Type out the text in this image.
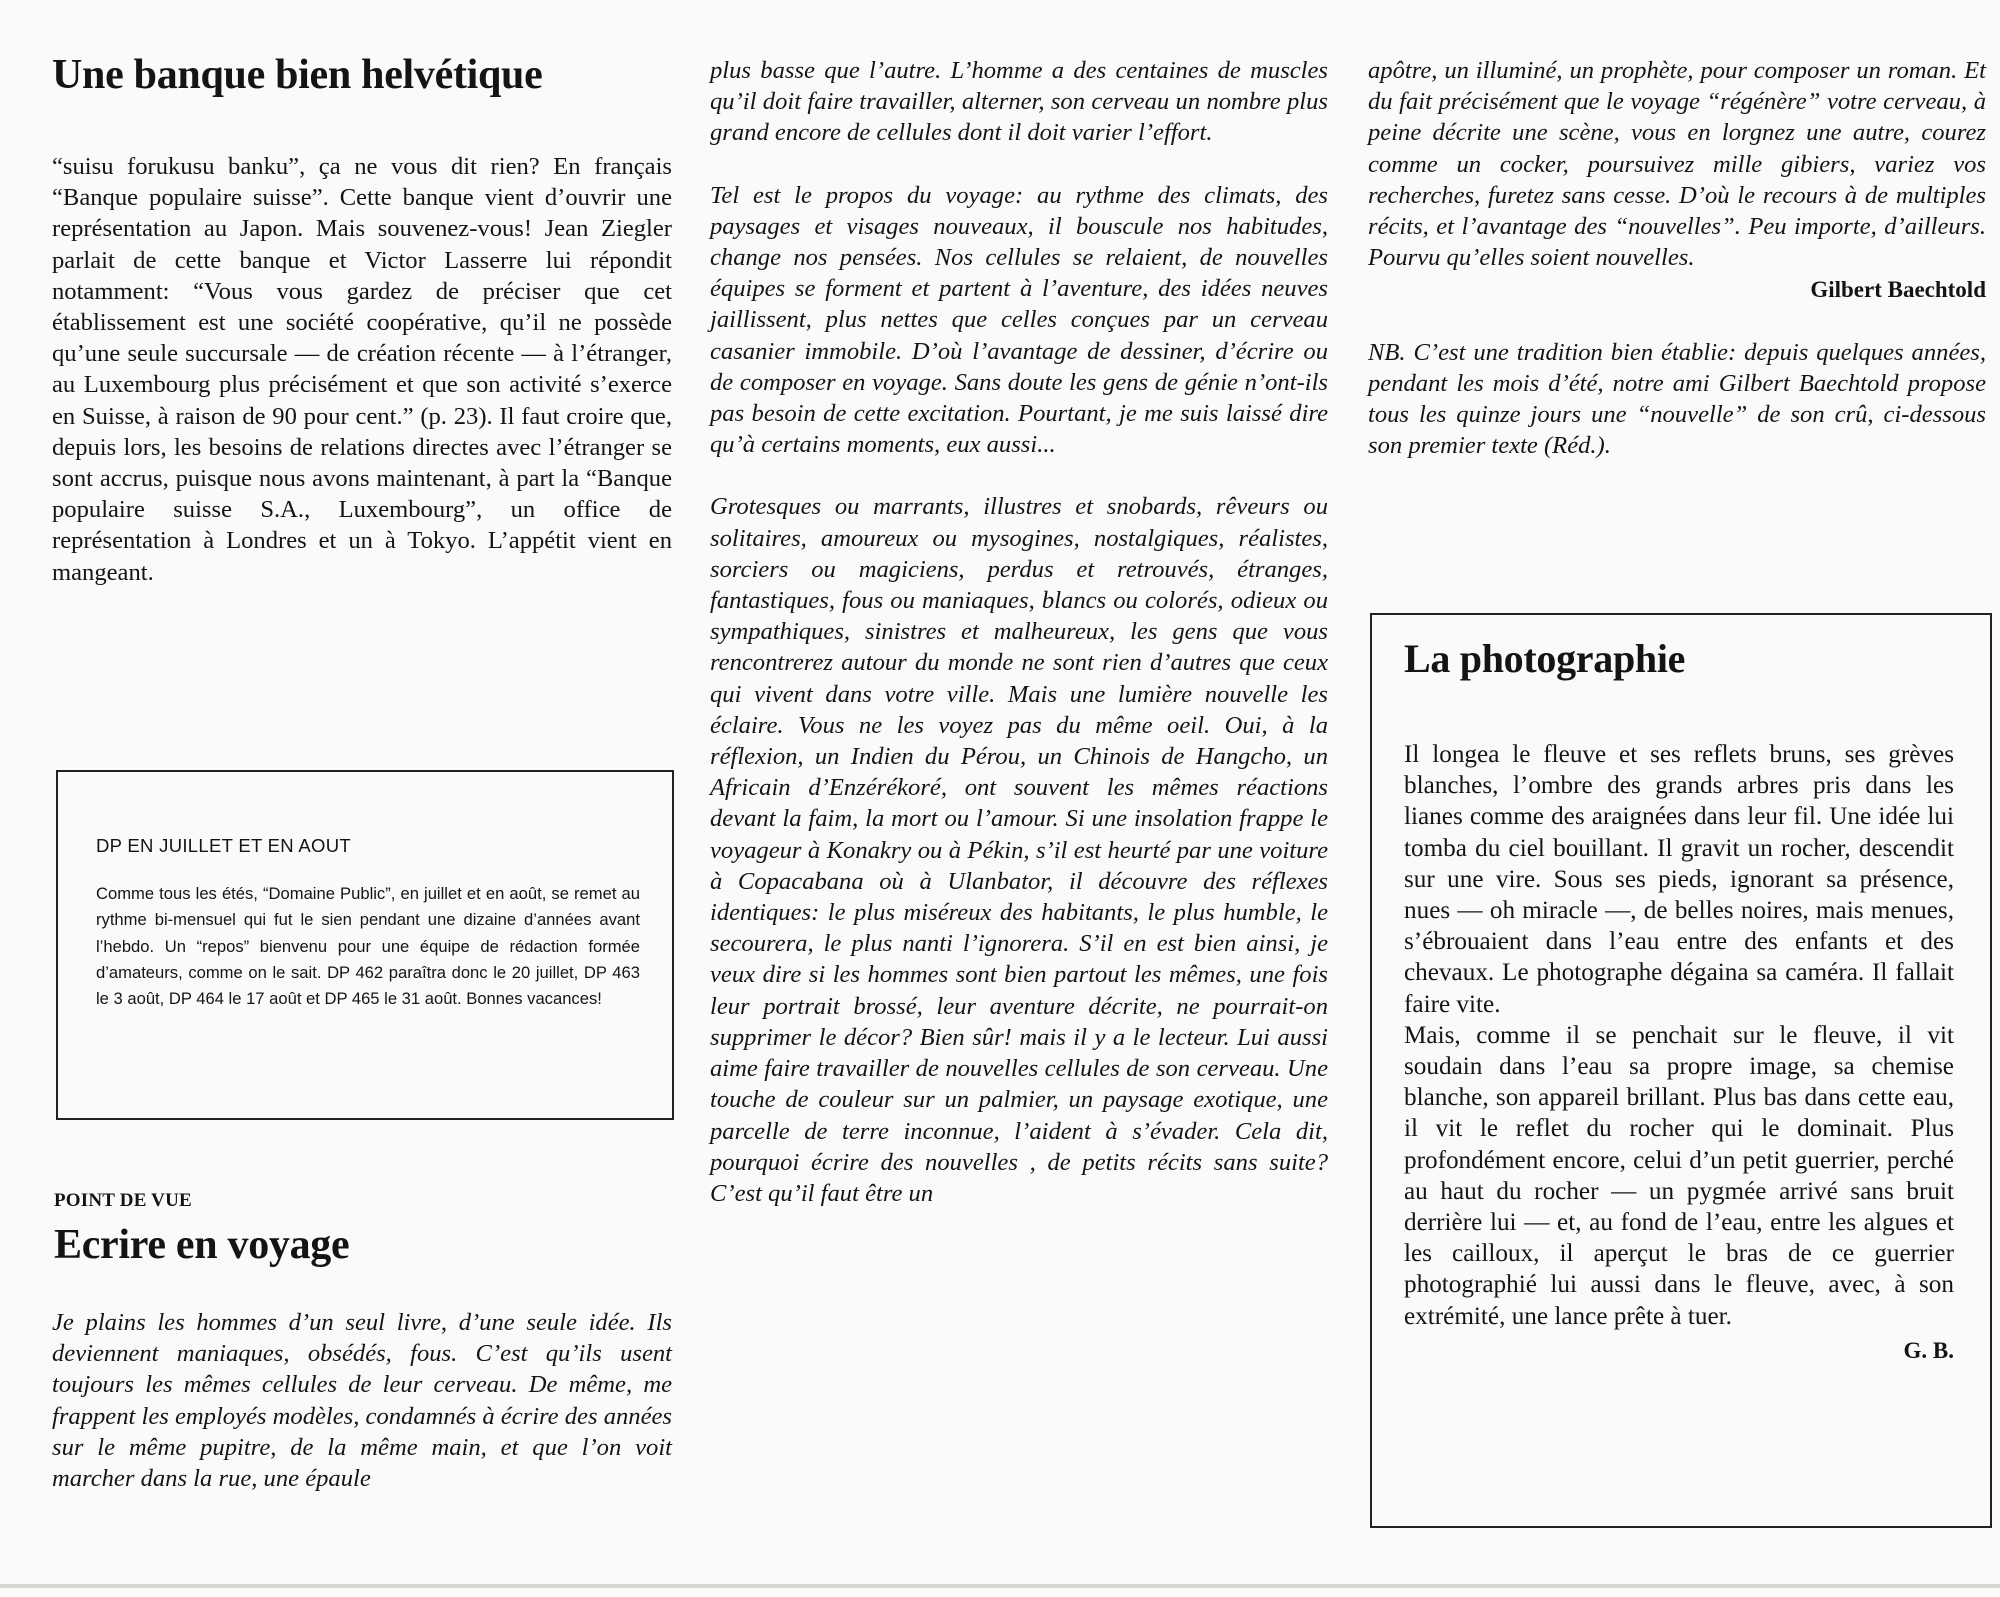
Une banque bien helvétique

“suisu forukusu banku”, ça ne vous dit rien? En français “Banque populaire suisse”. Cette banque vient d’ouvrir une représentation au Japon. Mais souvenez-vous! Jean Ziegler parlait de cette banque et Victor Lasserre lui répondit notamment: “Vous vous gardez de préciser que cet établissement est une société coopérative, qu’il ne possède qu’une seule succursale — de création récente — à l’étranger, au Luxembourg plus précisément et que son activité s’exerce en Suisse, à raison de 90 pour cent.” (p. 23). Il faut croire que, depuis lors, les besoins de relations directes avec l’étranger se sont accrus, puisque nous avons maintenant, à part la “Banque populaire suisse S.A., Luxembourg”, un office de représentation à Londres et un à Tokyo. L’appétit vient en mangeant.

DP EN JUILLET ET EN AOUT
Comme tous les étés, “Domaine Public”, en juillet et en août, se remet au rythme bi-mensuel qui fut le sien pendant une dizaine d’années avant l’hebdo. Un “repos” bienvenu pour une équipe de rédaction formée d’amateurs, comme on le sait. DP 462 paraîtra donc le 20 juillet, DP 463 le 3 août, DP 464 le 17 août et DP 465 le 31 août. Bonnes vacances!
POINT DE VUE
Ecrire en voyage

Je plains les hommes d’un seul livre, d’une seule idée. Ils deviennent maniaques, obsédés, fous. C’est qu’ils usent toujours les mêmes cellules de leur cerveau. De même, me frappent les employés modèles, condamnés à écrire des années sur le même pupitre, de la même main, et que l’on voit marcher dans la rue, une épaule

plus basse que l’autre. L’homme a des centaines de muscles qu’il doit faire travailler, alterner, son cerveau un nombre plus grand encore de cellules dont il doit varier l’effort.

Tel est le propos du voyage: au rythme des climats, des paysages et visages nouveaux, il bouscule nos habitudes, change nos pensées. Nos cellules se relaient, de nouvelles équipes se forment et partent à l’aventure, des idées neuves jaillissent, plus nettes que celles conçues par un cerveau casanier immobile. D’où l’avantage de dessiner, d’écrire ou de composer en voyage. Sans doute les gens de génie n’ont-ils pas besoin de cette excitation. Pourtant, je me suis laissé dire qu’à certains moments, eux aussi...

Grotesques ou marrants, illustres et snobards, rêveurs ou solitaires, amoureux ou mysogines, nostalgiques, réalistes, sorciers ou magiciens, perdus et retrouvés, étranges, fantastiques, fous ou maniaques, blancs ou colorés, odieux ou sympathiques, sinistres et malheureux, les gens que vous rencontrerez autour du monde ne sont rien d’autres que ceux qui vivent dans votre ville. Mais une lumière nouvelle les éclaire. Vous ne les voyez pas du même oeil. Oui, à la réflexion, un Indien du Pérou, un Chinois de Hangcho, un Africain d’Enzérékoré, ont souvent les mêmes réactions devant la faim, la mort ou l’amour. Si une insolation frappe le voyageur à Konakry ou à Pékin, s’il est heurté par une voiture à Copacabana où à Ulanbator, il découvre des réflexes identiques: le plus miséreux des habitants, le plus humble, le secourera, le plus nanti l’ignorera. S’il en est bien ainsi, je veux dire si les hommes sont bien partout les mêmes, une fois leur portrait brossé, leur aventure décrite, ne pourrait-on supprimer le décor? Bien sûr! mais il y a le lecteur. Lui aussi aime faire travailler de nouvelles cellules de son cerveau. Une touche de couleur sur un palmier, un paysage exotique, une parcelle de terre inconnue, l’aident à s’évader. Cela dit, pourquoi écrire des nouvelles , de petits récits sans suite? C’est qu’il faut être un

apôtre, un illuminé, un prophète, pour composer un roman. Et du fait précisément que le voyage “régénère” votre cerveau, à peine décrite une scène, vous en lorgnez une autre, courez comme un cocker, poursuivez mille gibiers, variez vos recherches, furetez sans cesse. D’où le recours à de multiples récits, et l’avantage des “nouvelles”. Peu importe, d’ailleurs. Pourvu qu’elles soient nouvelles.

Gilbert Baechtold

NB. C’est une tradition bien établie: depuis quelques années, pendant les mois d’été, notre ami Gilbert Baechtold propose tous les quinze jours une “nouvelle” de son crû, ci-dessous son premier texte (Réd.).

La photographie

Il longea le fleuve et ses reflets bruns, ses grèves blanches, l’ombre des grands arbres pris dans les lianes comme des araignées dans leur fil. Une idée lui tomba du ciel bouillant. Il gravit un rocher, descendit sur une vire. Sous ses pieds, ignorant sa présence, nues — oh miracle —, de belles noires, mais menues, s’ébrouaient dans l’eau entre des enfants et des chevaux. Le photographe dégaina sa caméra. Il fallait faire vite.

Mais, comme il se penchait sur le fleuve, il vit soudain dans l’eau sa propre image, sa chemise blanche, son appareil brillant. Plus bas dans cette eau, il vit le reflet du rocher qui le dominait. Plus profondément encore, celui d’un petit guerrier, perché au haut du rocher — un pygmée arrivé sans bruit derrière lui — et, au fond de l’eau, entre les algues et les cailloux, il aperçut le bras de ce guerrier photographié lui aussi dans le fleuve, avec, à son extrémité, une lance prête à tuer.

G. B.
